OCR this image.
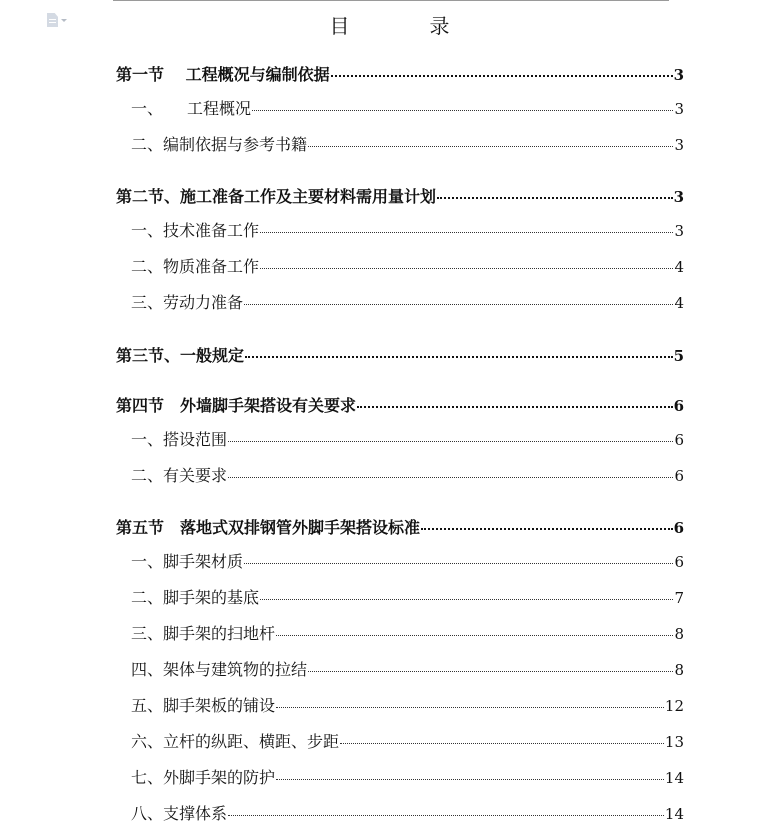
目　　　　录
第一节　 工程概况与编制依据	3
一、　　工程概况	3
二、编制依据与参考书籍	3
第二节、施工准备工作及主要材料需用量计划	3
一、技术准备工作	3
二、物质准备工作	4
三、劳动力准备	4
第三节、一般规定	5
第四节　外墙脚手架搭设有关要求	6
一、搭设范围	6
二、有关要求	6
第五节　落地式双排钢管外脚手架搭设标准	6
一、脚手架材质	6
二、脚手架的基底	7
三、脚手架的扫地杆	8
四、架体与建筑物的拉结	8
五、脚手架板的铺设	12
六、立杆的纵距、横距、步距	13
七、外脚手架的防护	14
八、支撑体系	14
